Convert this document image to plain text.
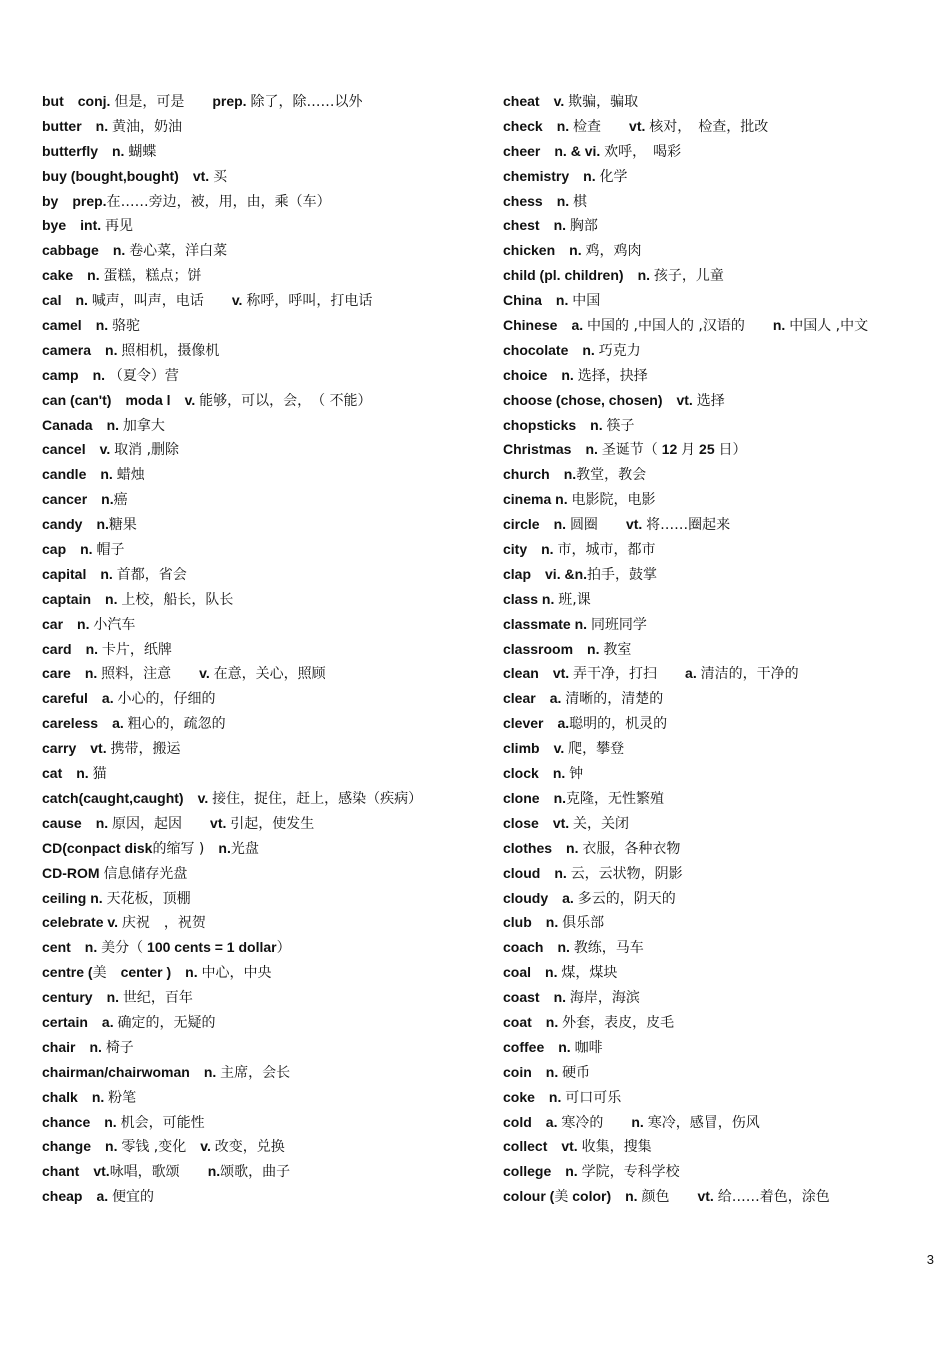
but　 conj. 但是，可是　　prep. 除了，除……以外
butter　 n. 黄油，奶油
butterfly　 n. 蝴蝶
buy (bought,bought)　 vt. 买
by　 prep.在……旁边，被，用，由，乘（车）
bye　 int. 再见
cabbage　 n. 卷心菜，洋白菜
cake　 n. 蛋糕，糕点；饼
cal　 n. 喊声，叫声，电话　　v. 称呼，呼叫，打电话
camel　 n. 骆驼
camera　 n. 照相机，摄像机
camp　 n. （夏令）营
can (can't)　 moda l　 v. 能够，可以，会，　（ 不能）
Canada　 n. 加拿大
cancel　 v. 取消 ,删除
candle　 n. 蜡烛
cancer　 n.癌
candy　 n.糖果
cap　 n. 帽子
capital　 n. 首都，省会
captain　 n. 上校，船长，队长
car　 n. 小汽车
card　 n. 卡片，纸牌
care　 n. 照料，注意　　v. 在意，关心，照顾
careful　 a. 小心的，仔细的
careless　 a. 粗心的，疏忽的
carry　 vt. 携带，搬运
cat　 n. 猫
catch(caught,caught)　 v. 接住，捉住，赶上，感染（疾病）
cause　 n. 原因，起因　　vt. 引起，使发生
CD(conpact disk的缩写 )　 n.光盘
CD-ROM 信息储存光盘
ceiling n. 天花板，顶棚
celebrate v. 庆祝　，祝贺
cent　 n. 美分（ 100 cents = 1 dollar）
centre (美　center )　 n. 中心，中央
century　 n. 世纪，百年
certain　 a. 确定的，无疑的
chair　 n. 椅子
chairman/chairwoman　 n. 主席，会长
chalk　 n. 粉笔
chance　 n. 机会，可能性
change　 n. 零钱 ,变化　v. 改变，兑换
chant　 vt.咏唱，歌颂　　n.颂歌，曲子
cheap　 a. 便宜的
cheat　 v. 欺骗，骗取
check　 n. 检查　　vt. 核对，　检查，批改
cheer　 n. & vi. 欢呼，　喝彩
chemistry　 n. 化学
chess　 n. 棋
chest　 n. 胸部
chicken　 n. 鸡，鸡肉
child (pl. children)　 n. 孩子，儿童
China　 n. 中国
Chinese　 a. 中国的 ,中国人的 ,汉语的　　n. 中国人 ,中文
chocolate　 n. 巧克力
choice　 n. 选择，抉择
choose (chose, chosen)　 vt. 选择
chopsticks　 n. 筷子
Christmas　 n. 圣诞节（ 12 月 25 日）
church　 n.教堂，教会
cinema n. 电影院，电影
circle　 n. 圆圈　　vt. 将……圈起来
city　 n. 市，城市，都市
clap　 vi. &n.拍手，鼓掌
class n. 班,课
classmate n. 同班同学
classroom　 n. 教室
clean　 vt. 弄干净，打扫　　a. 清洁的，干净的
clear　 a. 清晰的，清楚的
clever　 a.聪明的，机灵的
climb　 v. 爬，攀登
clock　 n. 钟
clone　 n.克隆，无性繁殖
close　 vt. 关，关闭
clothes　 n. 衣服，各种衣物
cloud　 n. 云，云状物，阴影
cloudy　 a. 多云的，阴天的
club　 n. 俱乐部
coach　 n. 教练，马车
coal　 n. 煤，煤块
coast　 n. 海岸，海滨
coat　 n. 外套，表皮，皮毛
coffee　 n. 咖啡
coin　 n. 硬币
coke　 n. 可口可乐
cold　 a. 寒冷的　　n. 寒冷，感冒，伤风
collect　 vt. 收集，搜集
college　 n. 学院，专科学校
colour (美 color)　 n. 颜色　　vt. 给……着色，涂色
3
